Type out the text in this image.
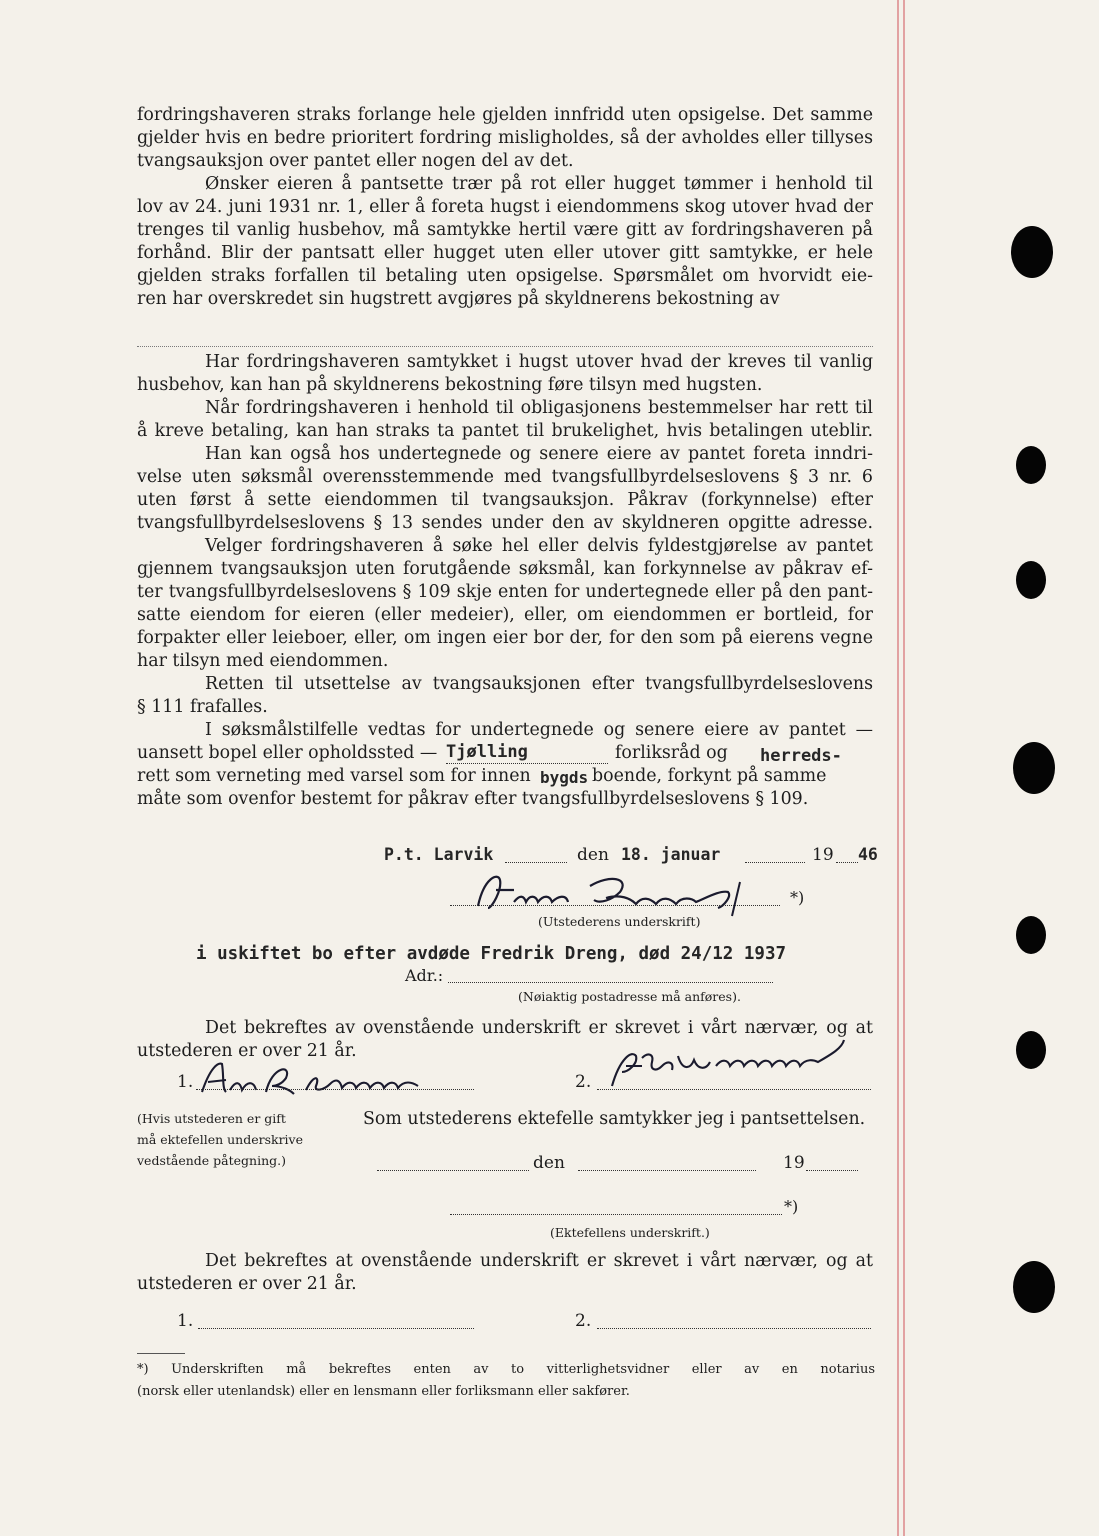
fordringshaveren straks forlange hele gjelden innfridd uten opsigelse. Det samme
gjelder hvis en bedre prioritert fordring misligholdes, så der avholdes eller tillyses
tvangsauksjon over pantet eller nogen del av det.
Ønsker eieren å pantsette trær på rot eller hugget tømmer i henhold til
lov av 24. juni 1931 nr. 1, eller å foreta hugst i eiendommens skog utover hvad der
trenges til vanlig husbehov, må samtykke hertil være gitt av fordringshaveren på
forhånd. Blir der pantsatt eller hugget uten eller utover gitt samtykke, er hele
gjelden straks forfallen til betaling uten opsigelse. Spørsmålet om hvorvidt eie-
ren har overskredet sin hugstrett avgjøres på skyldnerens bekostning av
Har fordringshaveren samtykket i hugst utover hvad der kreves til vanlig
husbehov, kan han på skyldnerens bekostning føre tilsyn med hugsten.
Når fordringshaveren i henhold til obligasjonens bestemmelser har rett til
å kreve betaling, kan han straks ta pantet til brukelighet, hvis betalingen uteblir.
Han kan også hos undertegnede og senere eiere av pantet foreta inndri-
velse uten søksmål overensstemmende med tvangsfullbyrdelseslovens § 3 nr. 6
uten først å sette eiendommen til tvangsauksjon. Påkrav (forkynnelse) efter
tvangsfullbyrdelseslovens § 13 sendes under den av skyldneren opgitte adresse.
Velger fordringshaveren å søke hel eller delvis fyldestgjørelse av pantet
gjennem tvangsauksjon uten forutgående søksmål, kan forkynnelse av påkrav ef-
ter tvangsfullbyrdelseslovens § 109 skje enten for undertegnede eller på den pant-
satte eiendom for eieren (eller medeier), eller, om eiendommen er bortleid, for
forpakter eller leieboer, eller, om ingen eier bor der, for den som på eierens vegne
har tilsyn med eiendommen.
Retten til utsettelse av tvangsauksjonen efter tvangsfullbyrdelseslovens
§ 111 frafalles.
I søksmålstilfelle vedtas for undertegnede og senere eiere av pantet —
uansett bopel eller opholdssted — Tjølling	forliksråd og herreds-
rett som verneting med varsel som for innen bygds boende, forkynt på samme
måte som ovenfor bestemt for påkrav efter tvangsfullbyrdelseslovens § 109.
P.t. Larvik	den 18. januar	19 46
*)
(Utstederens underskrift)
i uskiftet bo efter avdøde Fredrik Dreng, død 24/12 1937
Adr.:
(Nøiaktig postadresse må anføres).
Det bekreftes av ovenstående underskrift er skrevet i vårt nærvær, og at
utstederen er over 21 år.
1.	2.
(Hvis utstederen er gift
må ektefellen underskrive
vedstående påtegning.)
Som utstederens ektefelle samtykker jeg i pantsettelsen.
den	19
*)
(Ektefellens underskrift.)
Det bekreftes at ovenstående underskrift er skrevet i vårt nærvær, og at
utstederen er over 21 år.
1.	2.
*) Underskriften må bekreftes enten av to vitterlighetsvidner eller av en notarius
(norsk eller utenlandsk) eller en lensmann eller forliksmann eller sakfører.
